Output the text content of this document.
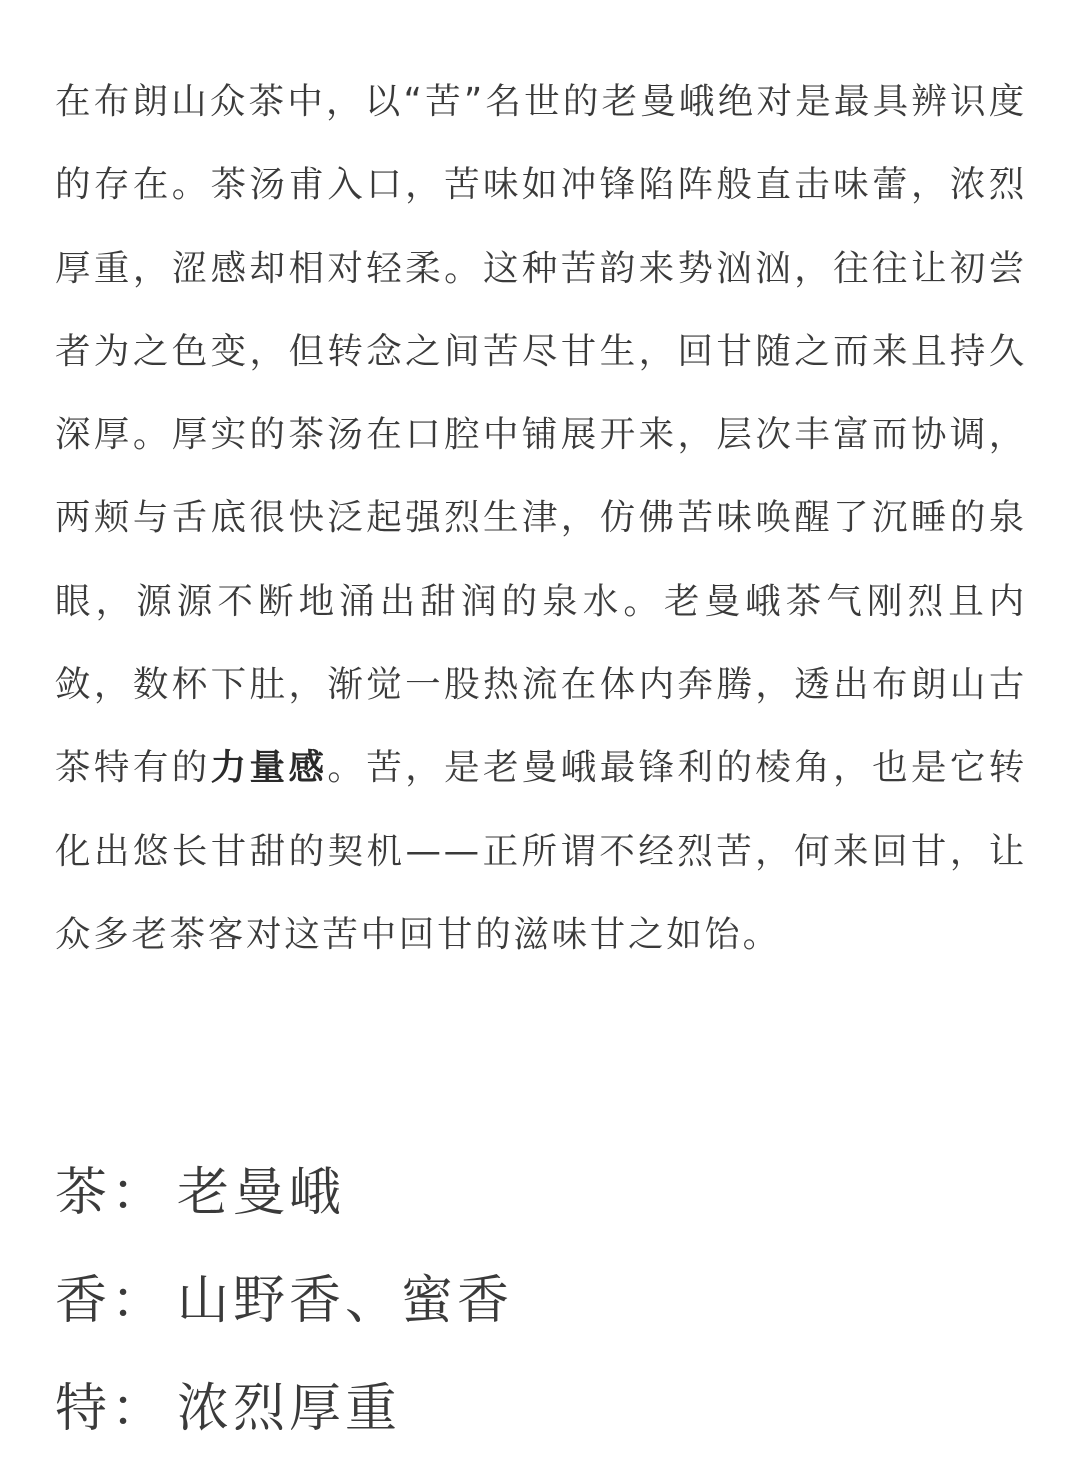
在布朗山众茶中，以“苦”名世的老曼峨绝对是最具辨识度的存在。茶汤甫入口，苦味如冲锋陷阵般直击味蕾，浓烈厚重，涩感却相对轻柔。这种苦韵来势汹汹，往往让初尝者为之色变，但转念之间苦尽甘生，回甘随之而来且持久深厚。厚实的茶汤在口腔中铺展开来，层次丰富而协调，两颊与舌底很快泛起强烈生津，仿佛苦味唤醒了沉睡的泉眼，源源不断地涌出甜润的泉水。老曼峨茶气刚烈且内敛，数杯下肚，渐觉一股热流在体内奔腾，透出布朗山古茶特有的力量感。苦，是老曼峨最锋利的棱角，也是它转化出悠长甘甜的契机——正所谓不经烈苦，何来回甘，让众多老茶客对这苦中回甘的滋味甘之如饴。

茶： 老曼峨
香： 山野香、蜜香
特： 浓烈厚重
